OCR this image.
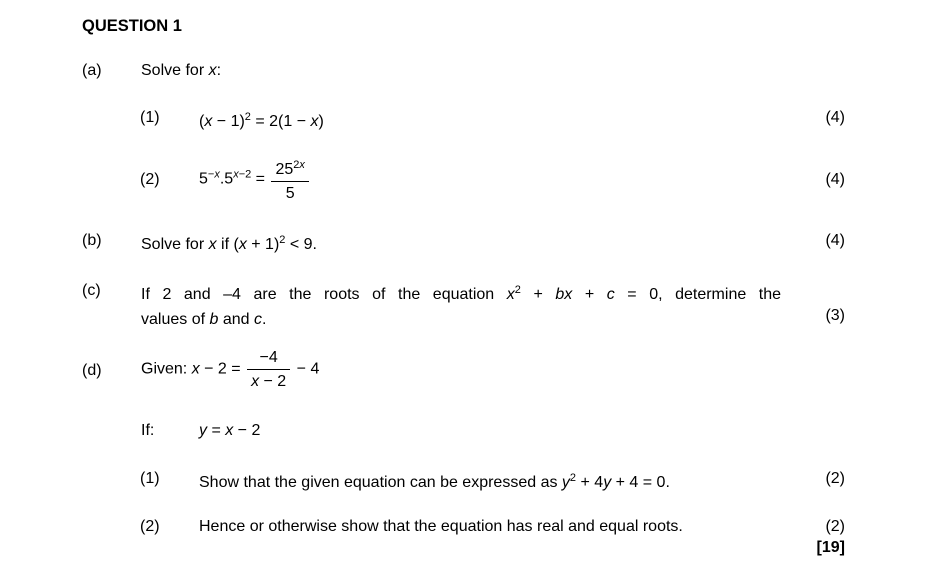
QUESTION 1
(a) Solve for x:
(1) $(x - 1)^2 = 2(1 - x)$	(4)
(2) $5^{-x}.5^{x-2} = \frac{25^{2x}}{5}$	(4)
(b) Solve for x if $(x + 1)^2 < 9$.	(4)
(c)	If 2 and –4 are the roots of the equation $x^2$ + bx + c = 0, determine the
values of b and c.	(3)
(d) Given: $x - 2 = \frac{-4}{x - 2} - 4$
If:	y = x − 2
(1) Show that the given equation can be expressed as $y^2 + 4y + 4 = 0$.	(2)
(2) Hence or otherwise show that the equation has real and equal roots.	(2)
[19]
